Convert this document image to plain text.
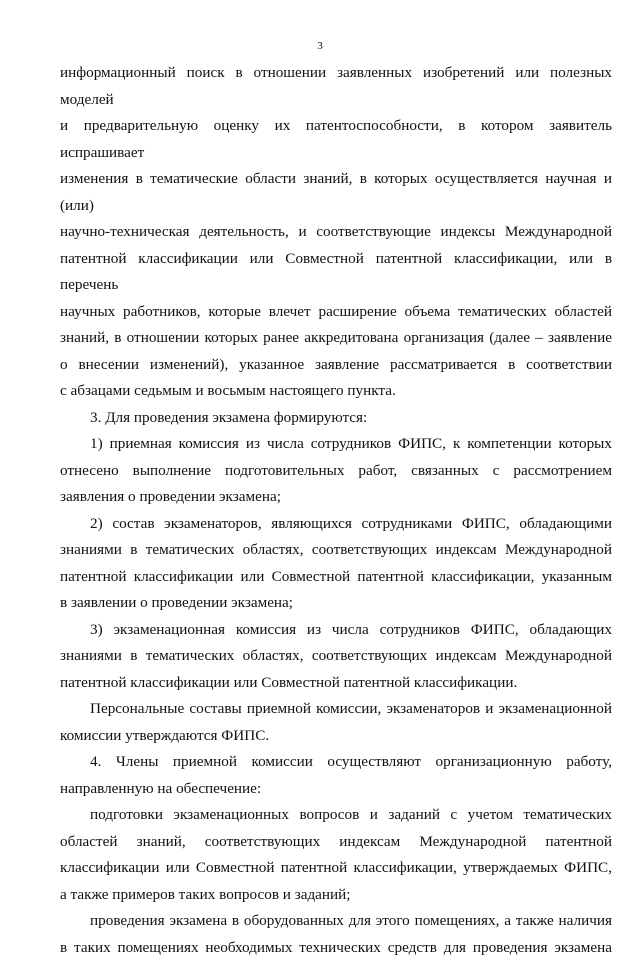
3
информационный поиск в отношении заявленных изобретений или полезных моделей
и предварительную оценку их патентоспособности, в котором заявитель испрашивает
изменения в тематические области знаний, в которых осуществляется научная и (или)
научно-техническая деятельность, и соответствующие индексы Международной
патентной классификации или Совместной патентной классификации, или в перечень
научных работников, которые влечет расширение объема тематических областей
знаний, в отношении которых ранее аккредитована организация (далее – заявление
о внесении изменений), указанное заявление рассматривается в соответствии
с абзацами седьмым и восьмым настоящего пункта.
3. Для проведения экзамена формируются:
1) приемная комиссия из числа сотрудников ФИПС, к компетенции которых
отнесено выполнение подготовительных работ, связанных с рассмотрением
заявления о проведении экзамена;
2) состав экзаменаторов, являющихся сотрудниками ФИПС, обладающими
знаниями в тематических областях, соответствующих индексам Международной
патентной классификации или Совместной патентной классификации, указанным
в заявлении о проведении экзамена;
3) экзаменационная комиссия из числа сотрудников ФИПС, обладающих
знаниями в тематических областях, соответствующих индексам Международной
патентной классификации или Совместной патентной классификации.
Персональные составы приемной комиссии, экзаменаторов и экзаменационной
комиссии утверждаются ФИПС.
4. Члены приемной комиссии осуществляют организационную работу,
направленную на обеспечение:
подготовки экзаменационных вопросов и заданий с учетом тематических
областей знаний, соответствующих индексам Международной патентной
классификации или Совместной патентной классификации, утверждаемых ФИПС,
а также примеров таких вопросов и заданий;
проведения экзамена в оборудованных для этого помещениях, а также наличия
в таких помещениях необходимых технических средств для проведения экзамена
